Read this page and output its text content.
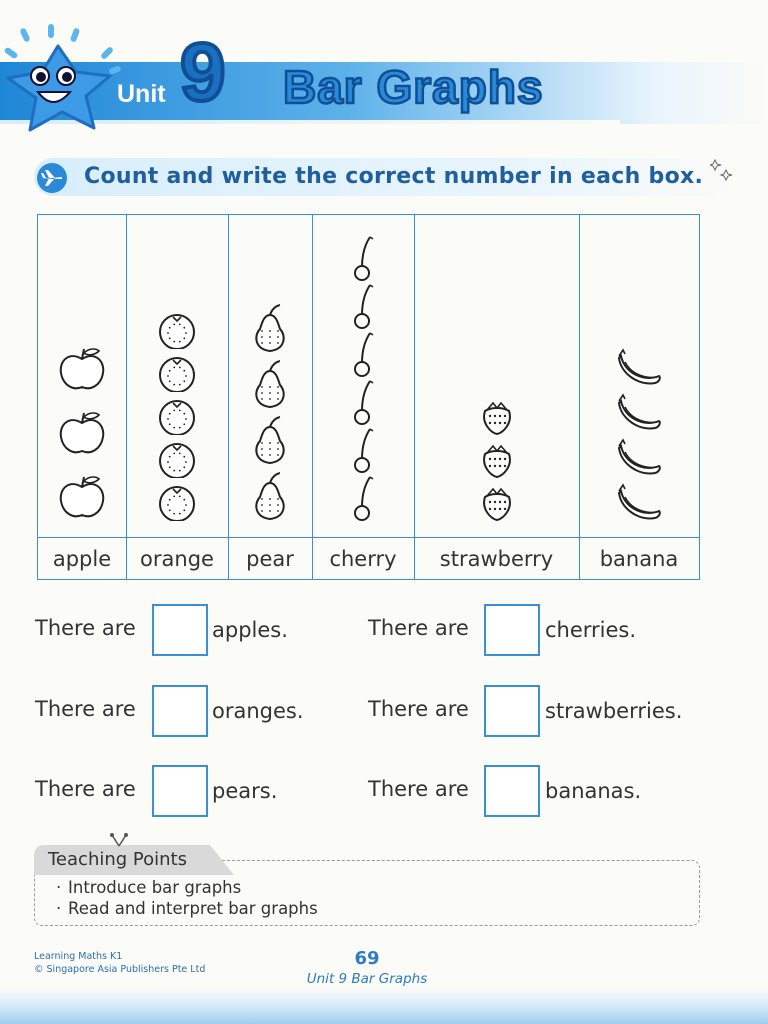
Unit 9 Bar Graphs
Count and write the correct number in each box.
apple	orange	pear	cherry	strawberry	banana
There are	apples.
There are	oranges.
There are	pears.
There are	cherries.
There are	strawberries.
There are	bananas.
Teaching Points
· Introduce bar graphs
· Read and interpret bar graphs
Learning Maths K1
© Singapore Asia Publishers Pte Ltd
69
Unit 9 Bar Graphs
